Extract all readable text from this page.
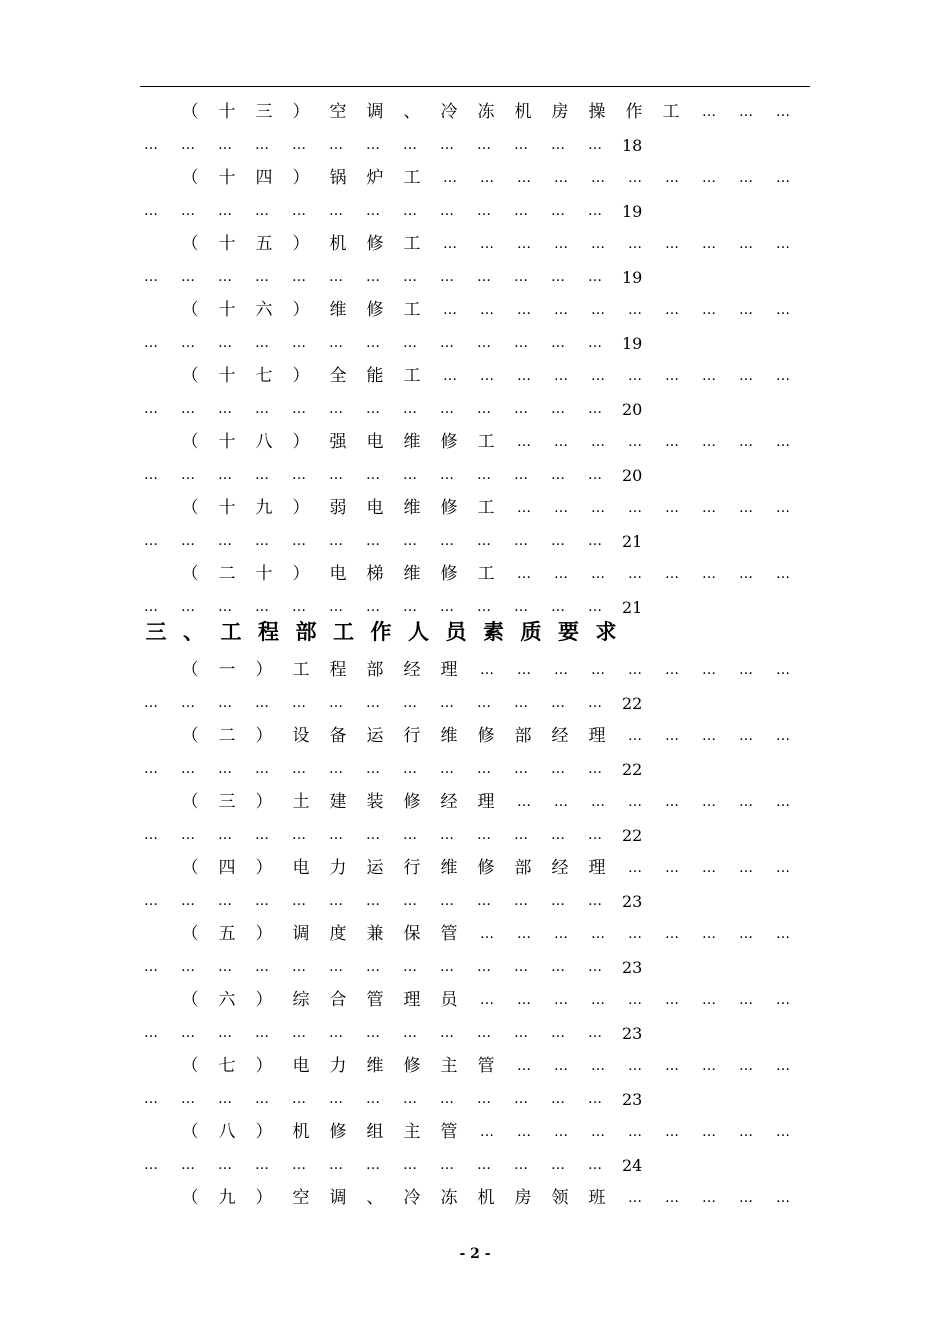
（ 十 三 ） 空 调 、 冷 冻 机 房 操 作 工 … … …
… … … … … … … … … … … … … 18
（ 十 四 ） 锅 炉 工 … … … … … … … … … …
… … … … … … … … … … … … … 19
（ 十 五 ） 机 修 工 … … … … … … … … … …
… … … … … … … … … … … … … 19
（ 十 六 ） 维 修 工 … … … … … … … … … …
… … … … … … … … … … … … … 19
（ 十 七 ） 全 能 工 … … … … … … … … … …
… … … … … … … … … … … … … 20
（ 十 八 ） 强 电 维 修 工 … … … … … … … …
… … … … … … … … … … … … … 20
（ 十 九 ） 弱 电 维 修 工 … … … … … … … …
… … … … … … … … … … … … … 21
（ 二 十 ） 电 梯 维 修 工 … … … … … … … …
… … … … … … … … … … … … … 21
三 、 工 程 部 工 作 人 员 素 质 要 求
（ 一 ） 工 程 部 经 理 … … … … … … … … …
… … … … … … … … … … … … … 22
（ 二 ） 设 备 运 行 维 修 部 经 理 … … … … …
… … … … … … … … … … … … … 22
（ 三 ） 土 建 装 修 经 理 … … … … … … … …
… … … … … … … … … … … … … 22
（ 四 ） 电 力 运 行 维 修 部 经 理 … … … … …
… … … … … … … … … … … … … 23
（ 五 ） 调 度 兼 保 管 … … … … … … … … …
… … … … … … … … … … … … … 23
（ 六 ） 综 合 管 理 员 … … … … … … … … …
… … … … … … … … … … … … … 23
（ 七 ） 电 力 维 修 主 管 … … … … … … … …
… … … … … … … … … … … … … 23
（ 八 ） 机 修 组 主 管 … … … … … … … … …
… … … … … … … … … … … … … 24
（ 九 ） 空 调 、 冷 冻 机 房 领 班 … … … … …
- 2 -
